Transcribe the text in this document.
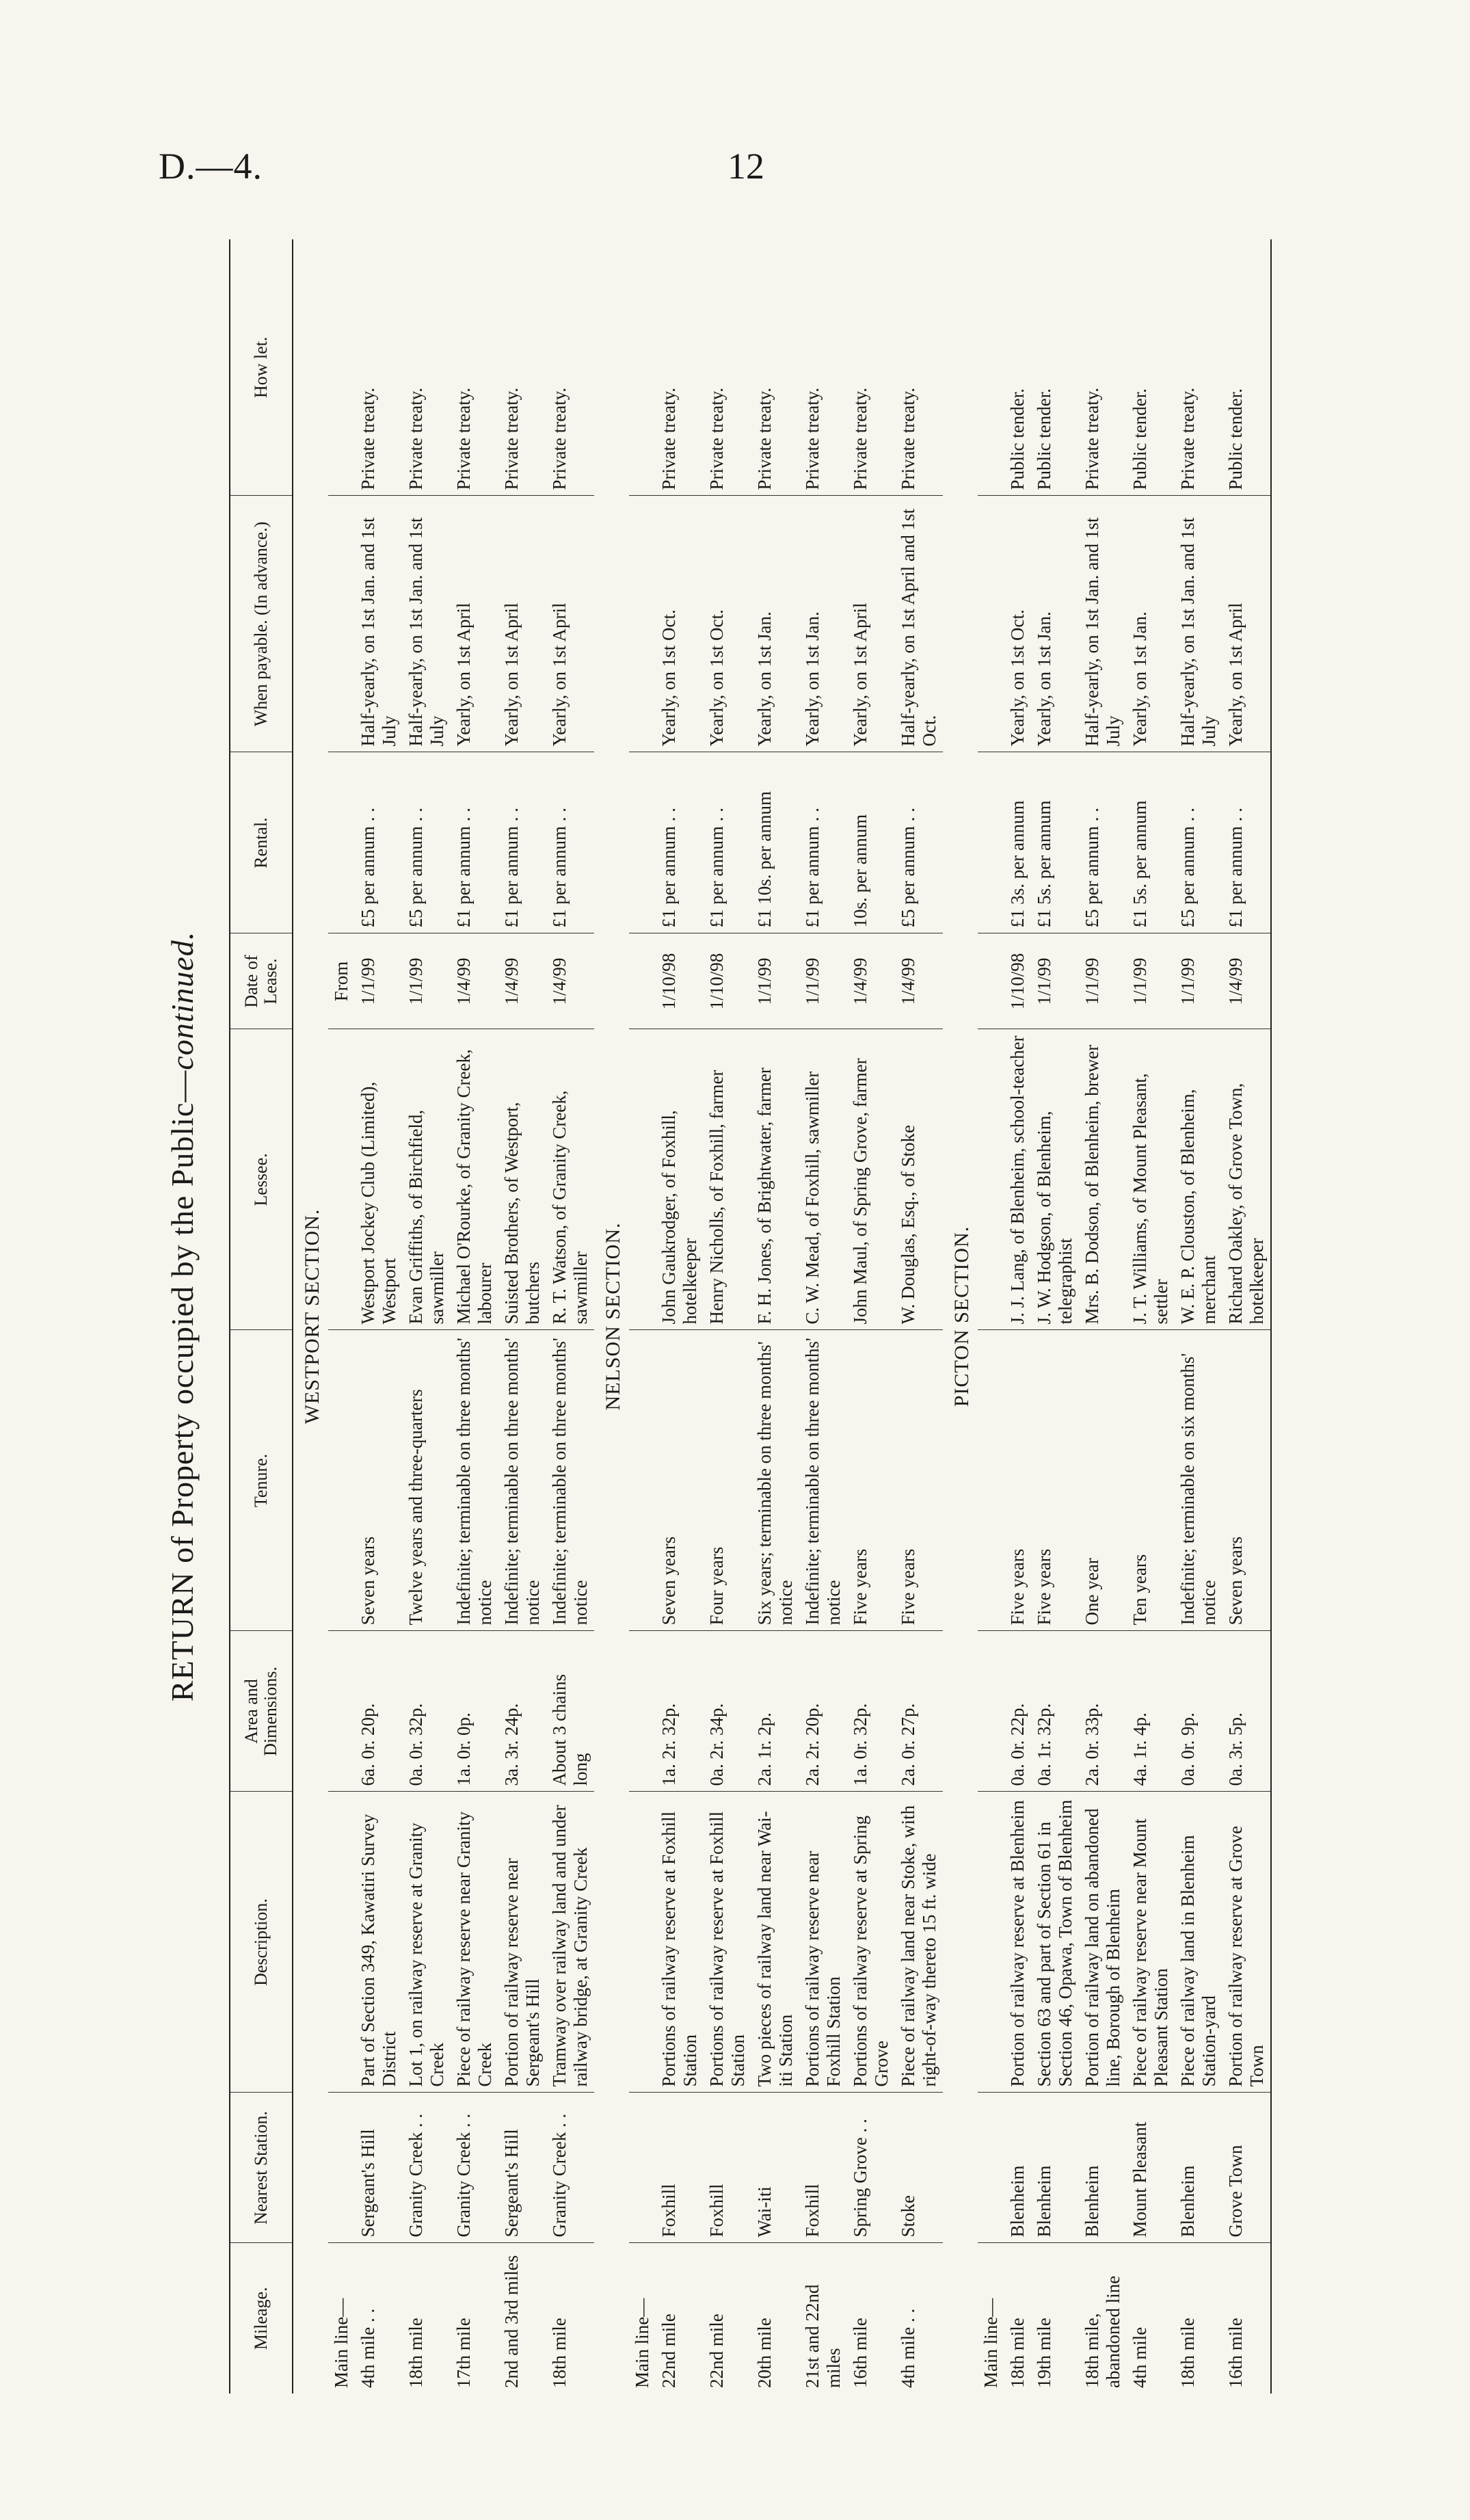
D.—4.	12
RETURN of Property occupied by the Public—continued.
Mileage.	Nearest Station.	Description.	Area and Dimensions.	Tenure.	Lessee.	Date of Lease.	Rental.	When payable. (In advance.)	How let.
WESTPORT SECTION.									
Main line—						From			
4th mile . .	Sergeant's Hill	Part of Section 349, Kawatiri Survey District	6a. 0r. 20p.	Seven years	Westport Jockey Club (Limited), Westport	1/1/99	£5 per annum . .	Half-yearly, on 1st Jan. and 1st July	Private treaty.
18th mile	Granity Creek . .	Lot 1, on railway reserve at Granity Creek	0a. 0r. 32p.	Twelve years and three-quarters	Evan Griffiths, of Birchfield, sawmiller	1/1/99	£5 per annum . .	Half-yearly, on 1st Jan. and 1st July	Private treaty.
17th mile	Granity Creek . .	Piece of railway reserve near Granity Creek	1a. 0r. 0p.	Indefinite; terminable on three months' notice	Michael O'Rourke, of Granity Creek, labourer	1/4/99	£1 per annum . .	Yearly, on 1st April	Private treaty.
2nd and 3rd miles	Sergeant's Hill	Portion of railway reserve near Sergeant's Hill	3a. 3r. 24p.	Indefinite; terminable on three months' notice	Suisted Brothers, of Westport, butchers	1/4/99	£1 per annum . .	Yearly, on 1st April	Private treaty.
18th mile	Granity Creek . .	Tramway over railway land and under railway bridge, at Granity Creek	About 3 chains long	Indefinite; terminable on three months' notice	R. T. Watson, of Granity Creek, sawmiller	1/4/99	£1 per annum . .	Yearly, on 1st April	Private treaty.
NELSON SECTION.									
Main line—									
22nd mile	Foxhill	Portions of railway reserve at Foxhill Station	1a. 2r. 32p.	Seven years	John Gaukrodger, of Foxhill, hotelkeeper	1/10/98	£1 per annum . .	Yearly, on 1st Oct.	Private treaty.
22nd mile	Foxhill	Portions of railway reserve at Foxhill Station	0a. 2r. 34p.	Four years	Henry Nicholls, of Foxhill, farmer	1/10/98	£1 per annum . .	Yearly, on 1st Oct.	Private treaty.
20th mile	Wai-iti	Two pieces of railway land near Wai-iti Station	2a. 1r. 2p.	Six years; terminable on three months' notice	F. H. Jones, of Brightwater, farmer	1/1/99	£1 10s. per annum	Yearly, on 1st Jan.	Private treaty.
21st and 22nd miles	Foxhill	Portions of railway reserve near Foxhill Station	2a. 2r. 20p.	Indefinite; terminable on three months' notice	C. W. Mead, of Foxhill, sawmiller	1/1/99	£1 per annum . .	Yearly, on 1st Jan.	Private treaty.
16th mile	Spring Grove . .	Portions of railway reserve at Spring Grove	1a. 0r. 32p.	Five years	John Maul, of Spring Grove, farmer	1/4/99	10s. per annum	Yearly, on 1st April	Private treaty.
4th mile . .	Stoke	Piece of railway land near Stoke, with right-of-way thereto 15 ft. wide	2a. 0r. 27p.	Five years	W. Douglas, Esq., of Stoke	1/4/99	£5 per annum . .	Half-yearly, on 1st April and 1st Oct.	Private treaty.
PICTON SECTION.									
Main line—									
18th mile	Blenheim	Portion of railway reserve at Blenheim	0a. 0r. 22p.	Five years	J. J. Lang, of Blenheim, school-teacher	1/10/98	£1 3s. per annum	Yearly, on 1st Oct.	Public tender.
19th mile	Blenheim	Section 63 and part of Section 61 in Section 46, Opawa, Town of Blenheim	0a. 1r. 32p.	Five years	J. W. Hodgson, of Blenheim, telegraphist	1/1/99	£1 5s. per annum	Yearly, on 1st Jan.	Public tender.
18th mile, abandoned line	Blenheim	Portion of railway land on abandoned line, Borough of Blenheim	2a. 0r. 33p.	One year	Mrs. B. Dodson, of Blenheim, brewer	1/1/99	£5 per annum . .	Half-yearly, on 1st Jan. and 1st July	Private treaty.
4th mile	Mount Pleasant	Piece of railway reserve near Mount Pleasant Station	4a. 1r. 4p.	Ten years	J. T. Williams, of Mount Pleasant, settler	1/1/99	£1 5s. per annum	Yearly, on 1st Jan.	Public tender.
18th mile	Blenheim	Piece of railway land in Blenheim Station-yard	0a. 0r. 9p.	Indefinite; terminable on six months' notice	W. E. P. Clouston, of Blenheim, merchant	1/1/99	£5 per annum . .	Half-yearly, on 1st Jan. and 1st July	Private treaty.
16th mile	Grove Town	Portion of railway reserve at Grove Town	0a. 3r. 5p.	Seven years	Richard Oakley, of Grove Town, hotelkeeper	1/4/99	£1 per annum . .	Yearly, on 1st April	Public tender.
